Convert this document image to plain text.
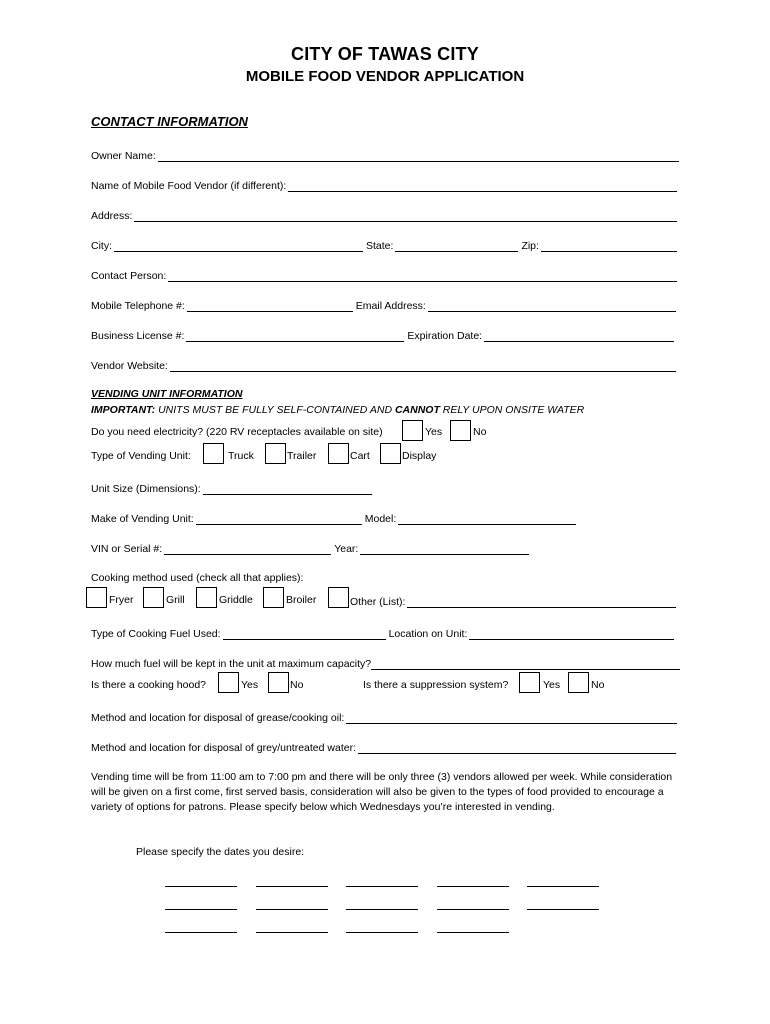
CITY OF TAWAS CITY
MOBILE FOOD VENDOR APPLICATION
CONTACT INFORMATION
Owner Name:
Name of Mobile Food Vendor (if different):
Address:
City:	State:	Zip:
Contact Person:
Mobile Telephone #:	Email Address:
Business License #:	Expiration Date:
Vendor Website:
VENDING UNIT INFORMATION
IMPORTANT: UNITS MUST BE FULLY SELF-CONTAINED AND CANNOT RELY UPON ONSITE WATER
Do you need electricity? (220 RV receptacles available on site)	Yes	No
Type of Vending Unit:	Truck	Trailer	Cart	Display
Unit Size (Dimensions):
Make of Vending Unit:	Model:
VIN or Serial #:	Year:
Cooking method used (check all that applies):
Fryer	Grill	Griddle	Broiler	Other (List):
Type of Cooking Fuel Used:	Location on Unit:
How much fuel will be kept in the unit at maximum capacity?
Is there a cooking hood?	Yes	No	Is there a suppression system?	Yes	No
Method and location for disposal of grease/cooking oil:
Method and location for disposal of grey/untreated water:
Vending time will be from 11:00 am to 7:00 pm and there will be only three (3) vendors allowed per week. While consideration will be given on a first come, first served basis, consideration will also be given to the types of food provided to encourage a variety of options for patrons. Please specify below which Wednesdays you’re interested in vending.
Please specify the dates you desire:
